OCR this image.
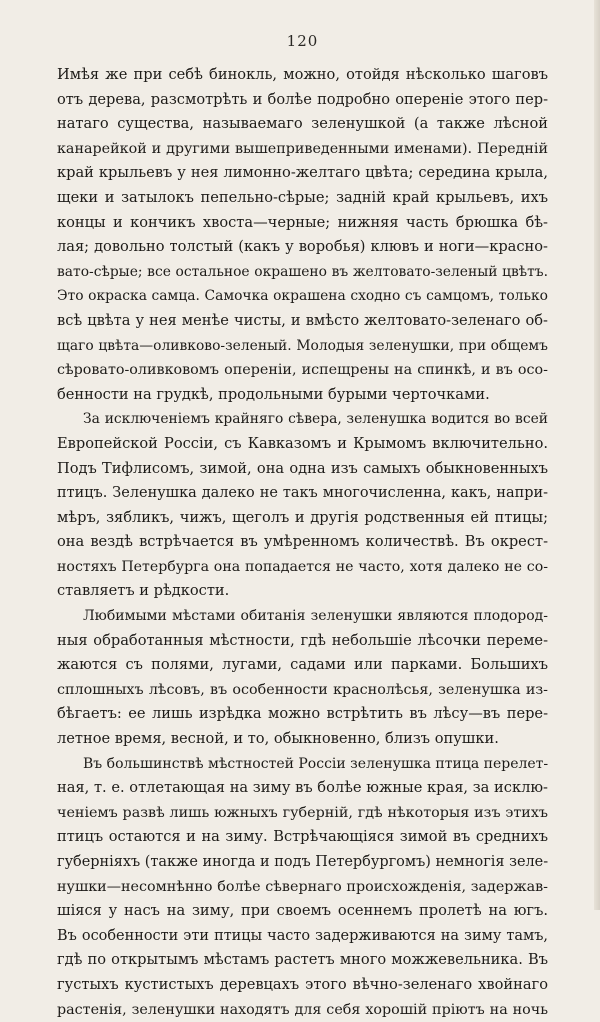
120
Имѣя же при себѣ бинокль, можно, отойдя нѣсколько шаговъ
отъ дерева, разсмотрѣть и болѣе подробно опереніе этого пер-
натаго существа, называемаго зеленушкой (а также лѣсной
канарейкой и другими вышеприведенными именами). Передній
край крыльевъ у нея лимонно-желтаго цвѣта; середина крыла,
щеки и затылокъ пепельно-сѣрые; задній край крыльевъ, ихъ
концы и кончикъ хвоста—черные; нижняя часть брюшка бѣ-
лая; довольно толстый (какъ у воробья) клювъ и ноги—красно-
вато-сѣрые; все остальное окрашено въ желтовато-зеленый цвѣтъ.
Это окраска самца. Самочка окрашена сходно съ самцомъ, только
всѣ цвѣта у нея менѣе чисты, и вмѣсто желтовато-зеленаго об-
щаго цвѣта—оливково-зеленый. Молодыя зеленушки, при общемъ
сѣровато-оливковомъ опереніи, испещрены на спинкѣ, и въ осо-
бенности на грудкѣ, продольными бурыми черточками.
За исключеніемъ крайняго сѣвера, зеленушка водится во всей
Европейской Россіи, съ Кавказомъ и Крымомъ включительно.
Подъ Тифлисомъ, зимой, она одна изъ самыхъ обыкновенныхъ
птицъ. Зеленушка далеко не такъ многочисленна, какъ, напри-
мѣръ, зябликъ, чижъ, щеголъ и другія родственныя ей птицы;
она вездѣ встрѣчается въ умѣренномъ количествѣ. Въ окрест-
ностяхъ Петербурга она попадается не часто, хотя далеко не со-
ставляетъ и рѣдкости.
Любимыми мѣстами обитанія зеленушки являются плодород-
ныя обработанныя мѣстности, гдѣ небольшіе лѣсочки переме-
жаются съ полями, лугами, садами или парками. Большихъ
сплошныхъ лѣсовъ, въ особенности краснолѣсья, зеленушка из-
бѣгаетъ: ее лишь изрѣдка можно встрѣтить въ лѣсу—въ пере-
летное время, весной, и то, обыкновенно, близъ опушки.
Въ большинствѣ мѣстностей Россіи зеленушка птица перелет-
ная, т. е. отлетающая на зиму въ болѣе южные края, за исклю-
ченіемъ развѣ лишь южныхъ губерній, гдѣ нѣкоторыя изъ этихъ
птицъ остаются и на зиму. Встрѣчающіяся зимой въ среднихъ
губерніяхъ (также иногда и подъ Петербургомъ) немногія зеле-
нушки—несомнѣнно болѣе сѣвернаго происхожденія, задержав-
шіяся у насъ на зиму, при своемъ осеннемъ пролетѣ на югъ.
Въ особенности эти птицы часто задерживаются на зиму тамъ,
гдѣ по открытымъ мѣстамъ растетъ много можжевельника. Въ
густыхъ кустистыхъ деревцахъ этого вѣчно-зеленаго хвойнаго
растенія, зеленушки находятъ для себя хорошій пріютъ на ночь
